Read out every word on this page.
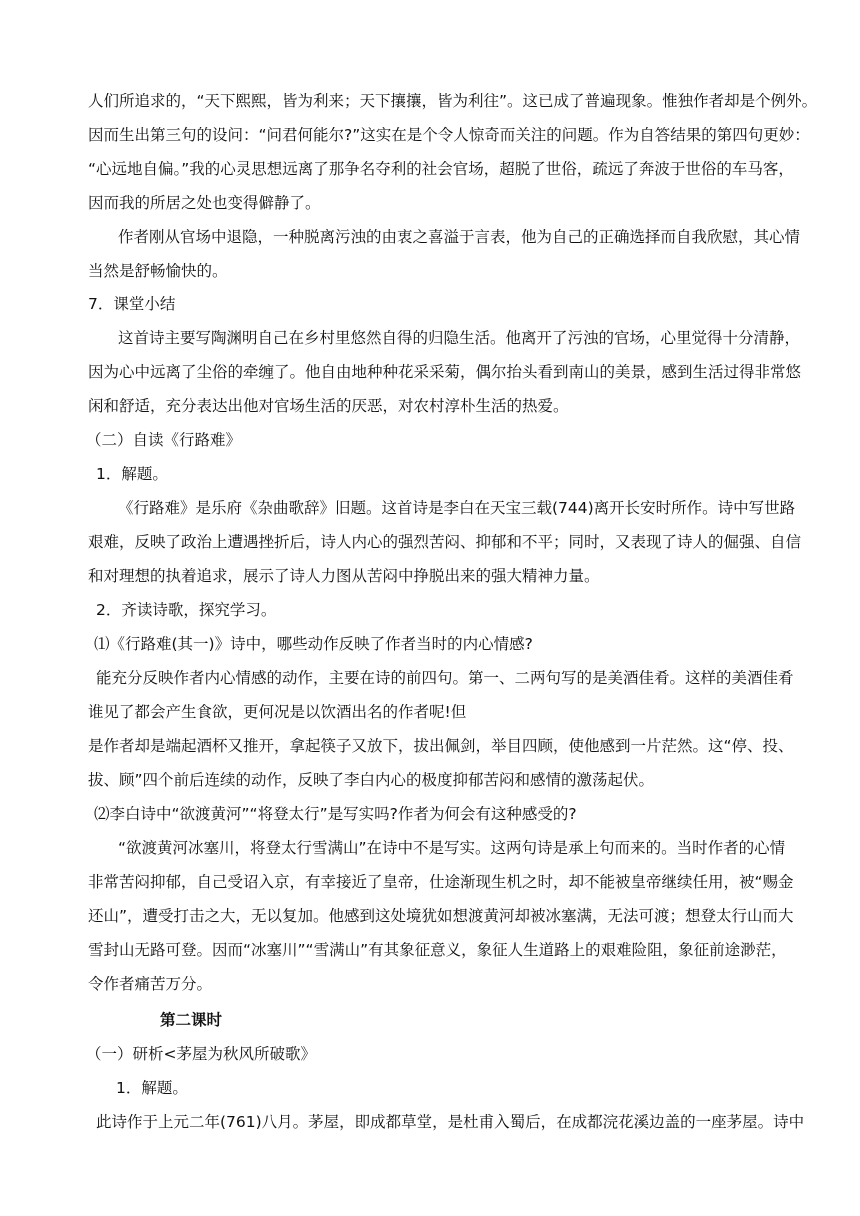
人们所追求的，“天下熙熙，皆为利来；天下攘攘，皆为利往”。这已成了普遍现象。惟独作者却是个例外。
因而生出第三句的设问：“问君何能尔?”这实在是个令人惊奇而关注的问题。作为自答结果的第四句更妙：
“心远地自偏。”我的心灵思想远离了那争名夺利的社会官场，超脱了世俗，疏远了奔波于世俗的车马客，
因而我的所居之处也变得僻静了。
作者刚从官场中退隐，一种脱离污浊的由衷之喜溢于言表，他为自己的正确选择而自我欣慰，其心情
当然是舒畅愉快的。
7．课堂小结
这首诗主要写陶渊明自己在乡村里悠然自得的归隐生活。他离开了污浊的官场，心里觉得十分清静，
因为心中远离了尘俗的牵缠了。他自由地种种花采采菊，偶尔抬头看到南山的美景，感到生活过得非常悠
闲和舒适，充分表达出他对官场生活的厌恶，对农村淳朴生活的热爱。
（二）自读《行路难》
1．解题。
《行路难》是乐府《杂曲歌辞》旧题。这首诗是李白在天宝三载(744)离开长安时所作。诗中写世路
艰难，反映了政治上遭遇挫折后，诗人内心的强烈苦闷、抑郁和不平；同时，又表现了诗人的倔强、自信
和对理想的执着追求，展示了诗人力图从苦闷中挣脱出来的强大精神力量。
2．齐读诗歌，探究学习。
⑴《行路难(其一)》诗中，哪些动作反映了作者当时的内心情感?
能充分反映作者内心情感的动作，主要在诗的前四句。第一、二两句写的是美酒佳肴。这样的美酒佳肴
谁见了都会产生食欲，更何况是以饮酒出名的作者呢!但
是作者却是端起酒杯又推开，拿起筷子又放下，拔出佩剑，举目四顾，使他感到一片茫然。这“停、投、
拔、顾”四个前后连续的动作，反映了李白内心的极度抑郁苦闷和感情的激荡起伏。
⑵李白诗中“欲渡黄河”“将登太行”是写实吗?作者为何会有这种感受的?
“欲渡黄河冰塞川，将登太行雪满山”在诗中不是写实。这两句诗是承上句而来的。当时作者的心情
非常苦闷抑郁，自己受诏入京，有幸接近了皇帝，仕途渐现生机之时，却不能被皇帝继续任用，被“赐金
还山”，遭受打击之大，无以复加。他感到这处境犹如想渡黄河却被冰塞满，无法可渡；想登太行山而大
雪封山无路可登。因而“冰塞川”“雪满山”有其象征意义，象征人生道路上的艰难险阻，象征前途渺茫，
令作者痛苦万分。
第二课时
（一）研析<茅屋为秋风所破歌》
1．解题。
此诗作于上元二年(761)八月。茅屋，即成都草堂，是杜甫入蜀后，在成都浣花溪边盖的一座茅屋。诗中
